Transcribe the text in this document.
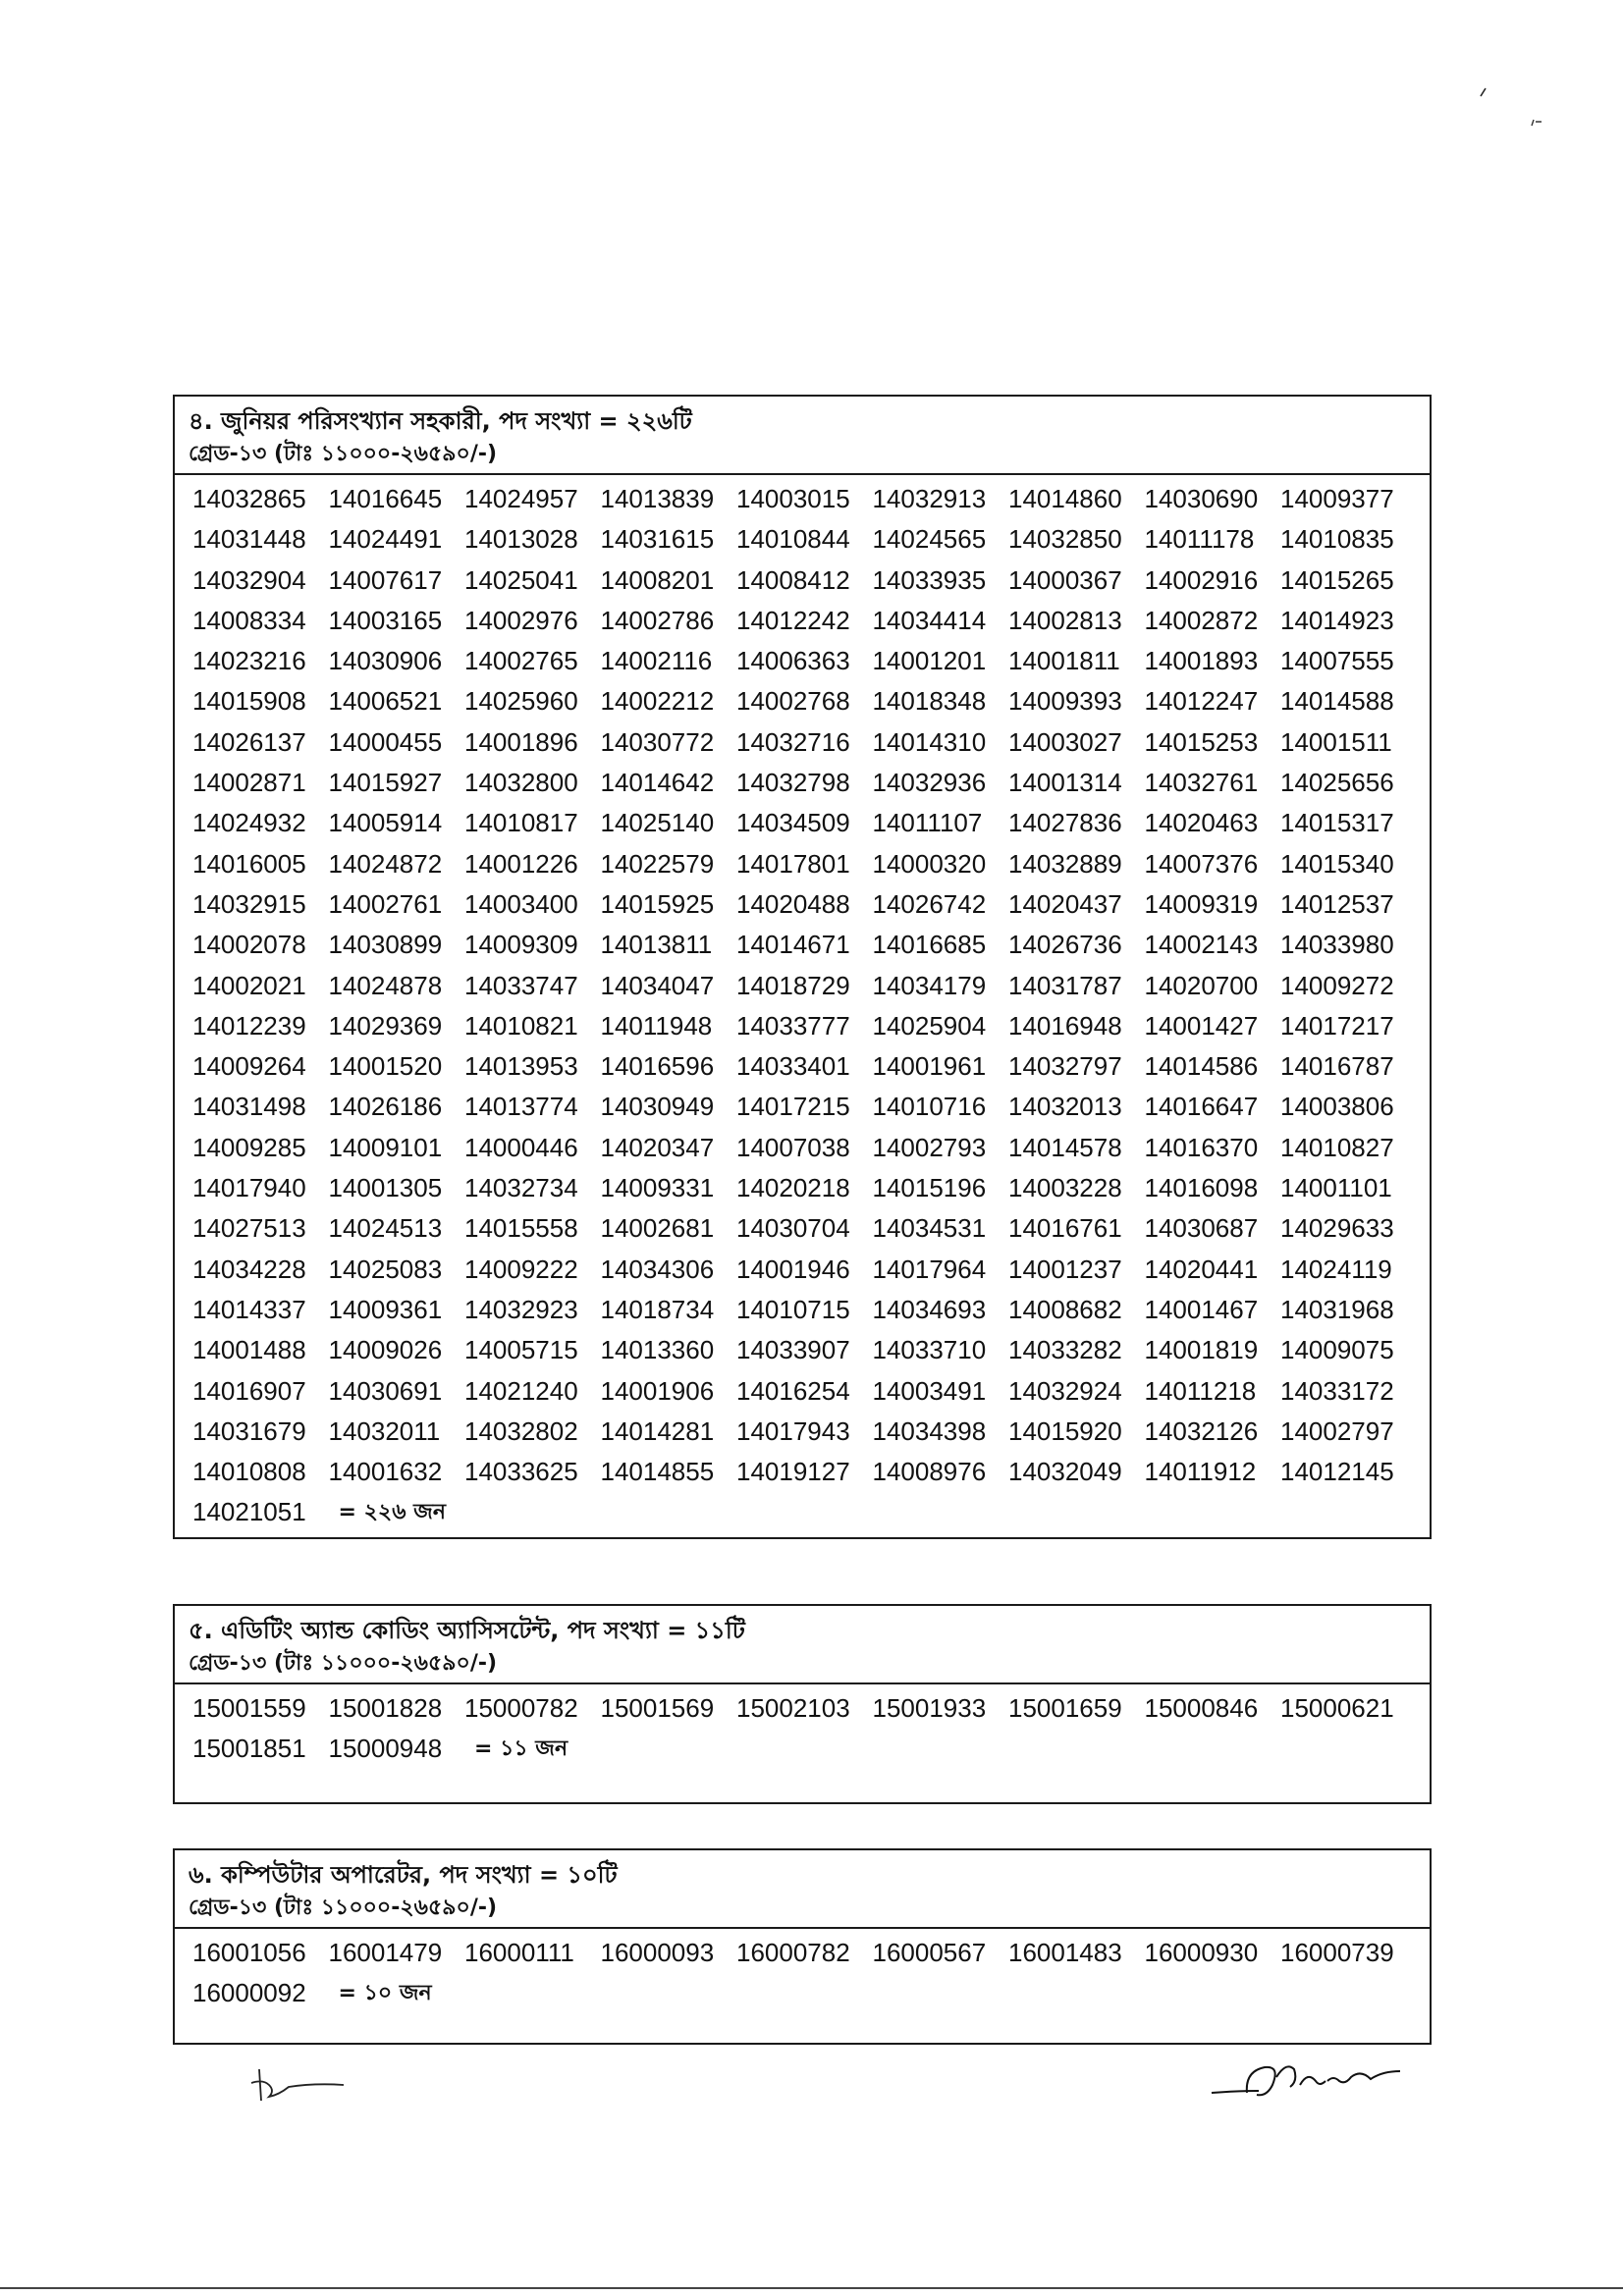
৪. জুনিয়র পরিসংখ্যান সহকারী, পদ সংখ্যা = ২২৬টি
গ্রেড-১৩ (টাঃ ১১০০০-২৬৫৯০/-)
14032865 14016645 14024957 14013839 14003015 14032913 14014860 14030690 14009377
14031448 14024491 14013028 14031615 14010844 14024565 14032850 14011178	14010835
14032904 14007617 14025041 14008201 14008412 14033935 14000367 14002916 14015265
14008334 14003165 14002976 14002786 14012242 14034414 14002813 14002872 14014923
14023216 14030906 14002765 14002116 14006363 14001201 14001811 14001893 14007555
14015908 14006521 14025960 14002212 14002768 14018348 14009393 14012247 14014588
14026137 14000455 14001896 14030772 14032716 14014310 14003027 14015253 14001511
14002871 14015927 14032800 14014642 14032798 14032936 14001314 14032761 14025656
14024932 14005914 14010817 14025140 14034509 14011107	14027836 14020463 14015317
14016005 14024872 14001226 14022579 14017801 14000320 14032889 14007376 14015340
14032915 14002761 14003400 14015925 14020488 14026742 14020437 14009319 14012537
14002078 14030899 14009309 14013811 14014671 14016685 14026736 14002143 14033980
14002021 14024878 14033747 14034047 14018729 14034179 14031787 14020700 14009272
14012239 14029369 14010821 14011948 14033777 14025904 14016948 14001427 14017217
14009264 14001520 14013953 14016596 14033401 14001961 14032797 14014586 14016787
14031498 14026186 14013774 14030949 14017215 14010716 14032013 14016647 14003806
14009285 14009101 14000446 14020347 14007038 14002793 14014578 14016370 14010827
14017940 14001305 14032734 14009331 14020218 14015196 14003228 14016098 14001101
14027513 14024513 14015558 14002681 14030704 14034531 14016761 14030687 14029633
14034228 14025083 14009222 14034306 14001946 14017964 14001237 14020441 14024119
14014337 14009361 14032923 14018734 14010715 14034693 14008682 14001467 14031968
14001488 14009026 14005715 14013360 14033907 14033710 14033282 14001819 14009075
14016907 14030691 14021240 14001906 14016254 14003491 14032924 14011218 14033172
14031679 14032011 14032802 14014281 14017943 14034398 14015920 14032126 14002797
14010808 14001632 14033625 14014855 14019127 14008976 14032049 14011912 14012145
14021051	= ২২৬ জন
৫. এডিটিং অ্যান্ড কোডিং অ্যাসিসটেন্ট, পদ সংখ্যা = ১১টি
গ্রেড-১৩ (টাঃ ১১০০০-২৬৫৯০/-)
15001559 15001828 15000782 15001569 15002103 15001933 15001659 15000846 15000621
15001851 15000948	= ১১ জন
৬. কম্পিউটার অপারেটর, পদ সংখ্যা = ১০টি
গ্রেড-১৩ (টাঃ ১১০০০-২৬৫৯০/-)
16001056 16001479 16000111	16000093 16000782 16000567 16001483 16000930 16000739
16000092	= ১০ জন
